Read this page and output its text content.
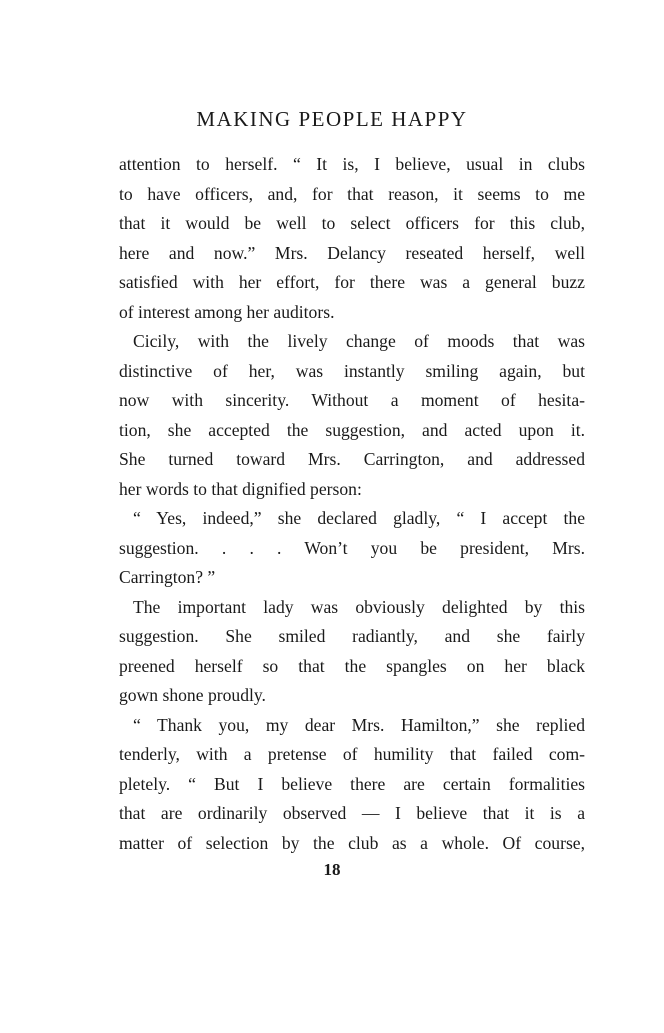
MAKING PEOPLE HAPPY
attention to herself. “ It is, I believe, usual in clubs
to have officers, and, for that reason, it seems to me
that it would be well to select officers for this club,
here and now.” Mrs. Delancy reseated herself, well
satisfied with her effort, for there was a general buzz
of interest among her auditors.
Cicily, with the lively change of moods that was
distinctive of her, was instantly smiling again, but
now with sincerity. Without a moment of hesita-
tion, she accepted the suggestion, and acted upon it.
She turned toward Mrs. Carrington, and addressed
her words to that dignified person:
“ Yes, indeed,” she declared gladly, “ I accept the
suggestion. . . . Won’t you be president, Mrs.
Carrington? ”
The important lady was obviously delighted by this
suggestion. She smiled radiantly, and she fairly
preened herself so that the spangles on her black
gown shone proudly.
“ Thank you, my dear Mrs. Hamilton,” she replied
tenderly, with a pretense of humility that failed com-
pletely. “ But I believe there are certain formalities
that are ordinarily observed — I believe that it is a
matter of selection by the club as a whole. Of course,
18
